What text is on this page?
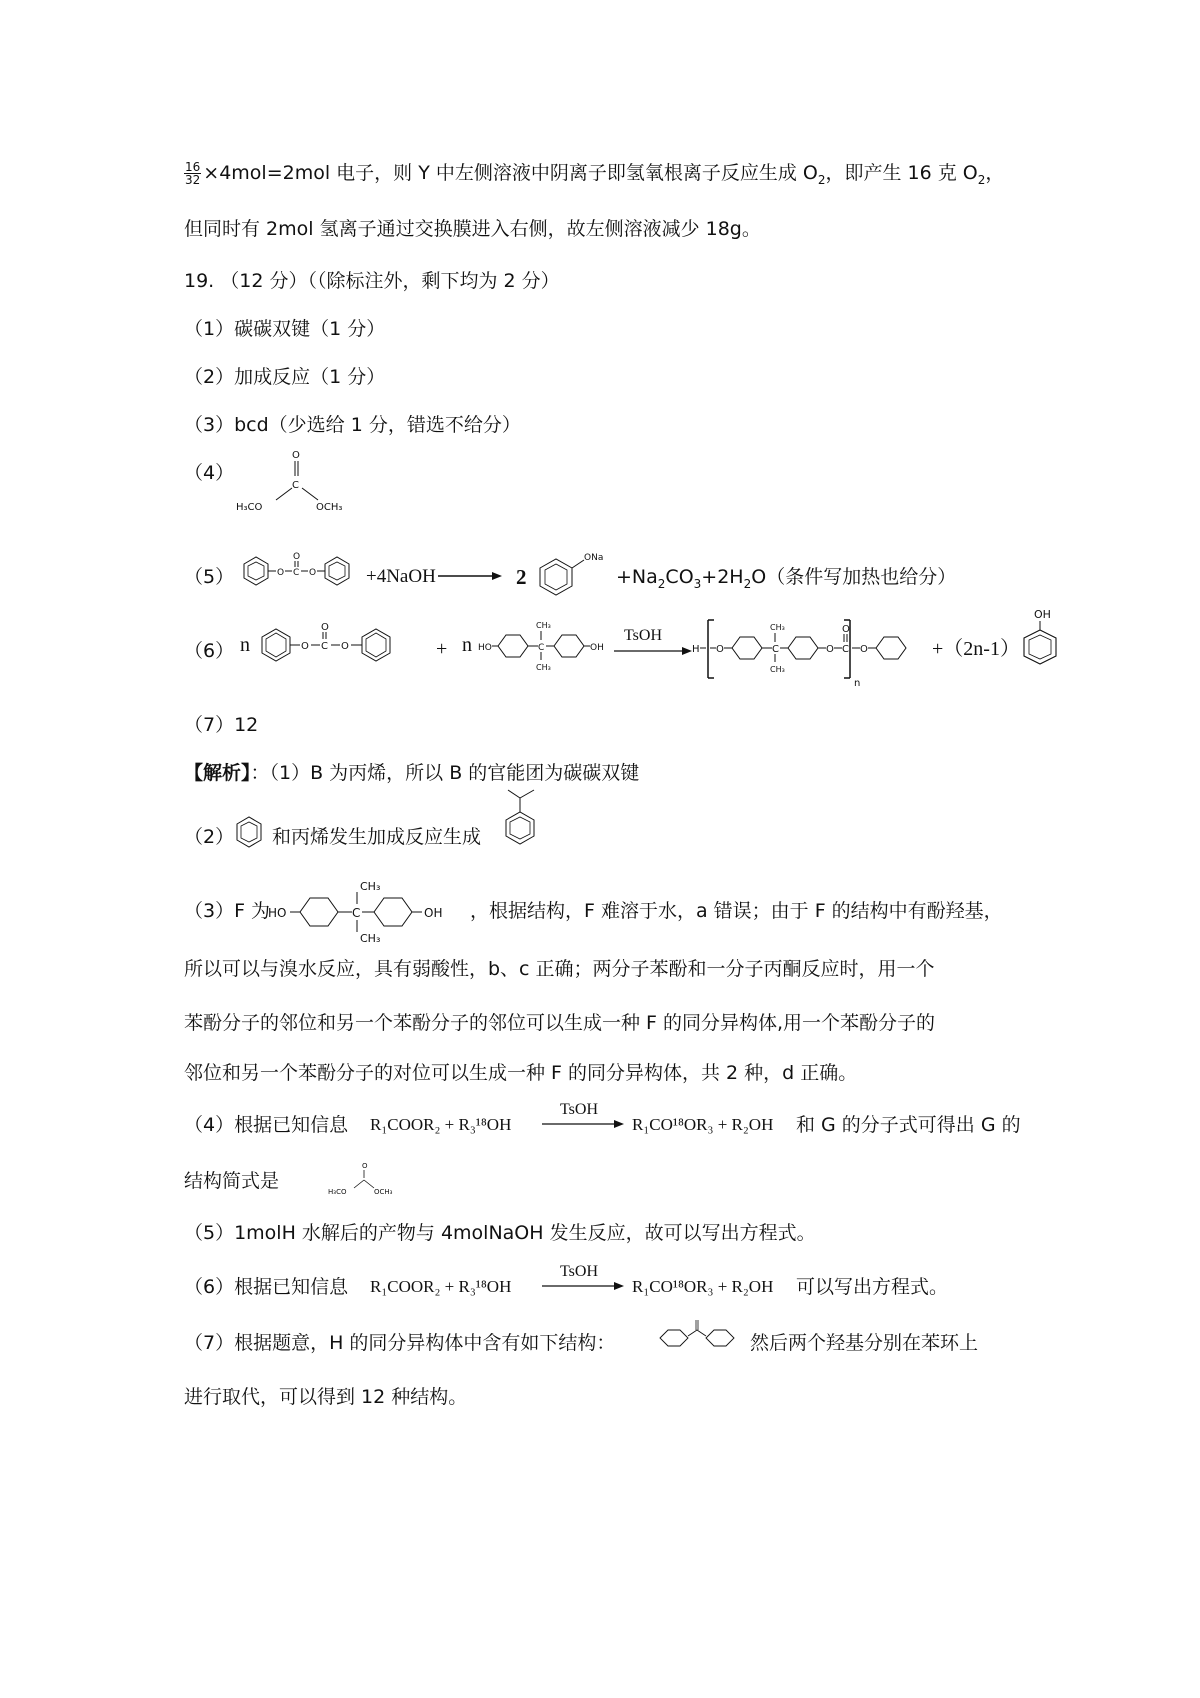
$\frac{16}{32} \times 4mol=2mol$ 电子，则 Y 中左侧溶液中阴离子即氢氧根离子反应生成 $O_2$，即产生 16 克 $O_2$，
但同时有 2mol 氢离子通过交换膜进入右侧，故左侧溶液减少 18g。
19. （12 分）（（除标注外，剩下均为 2 分）
（1）碳碳双键（1 分）
（2）加成反应（1 分）
（3）bcd（少选给 1 分，错选不给分）
（4）
O
C
H₃CO	OCH₃
（5）	O C
O
O	+4NaOH → 2
ONa
$+Na_2CO_3+2H_2O$（条件写加热也给分）
（6） n	O C
O
O	+ n HO	C
CH₃
CH₃
OH
TsOH
H O	C
CH₃
CH₃
O C
O
n
O	+（2n-1）
OH
（7）12
【解析】：（1）B 为丙烯，所以 B 的官能团为碳碳双键
（2） 和丙烯发生加成反应生成
（3）F 为
HO	C
CH₃
CH₃
OH ，根据结构，F 难溶于水，a 错误；由于 F 的结构中有酚羟基，
所以可以与溴水反应，具有弱酸性，b、c 正确；两分子苯酚和一分子丙酮反应时，用一个
苯酚分子的邻位和另一个苯酚分子的邻位可以生成一种 F 的同分异构体,用一个苯酚分子的
邻位和另一个苯酚分子的对位可以生成一种 F 的同分异构体，共 2 种，d 正确。
（4）根据已知信息 R₁COOR₂ + R₃¹⁸OH
TsOH
R₁CO¹⁸OR₃ + R₂OH 和 G 的分子式可得出 G 的
结构简式是
O
H₃CO	OCH₃
（5）1molH 水解后的产物与 4molNaOH 发生反应，故可以写出方程式。
（6）根据已知信息 R₁COOR₂ + R₃¹⁸OH
TsOH
R₁CO¹⁸OR₃ + R₂OH 可以写出方程式。
（7）根据题意，H 的同分异构体中含有如下结构：	然后两个羟基分别在苯环上
进行取代，可以得到 12 种结构。
